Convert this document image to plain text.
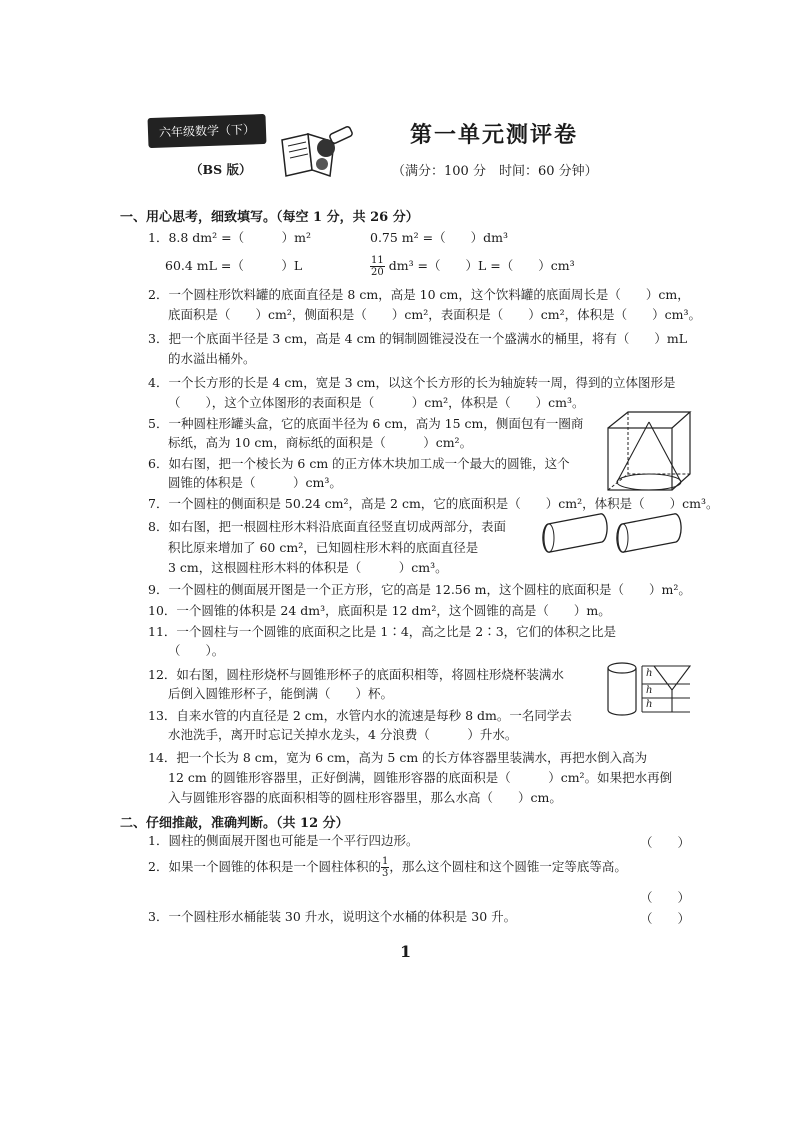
六年级数学（下）
（BS 版）
第一单元测评卷
（满分：100 分　时间：60 分钟）
一、用心思考，细致填写。（每空 1 分，共 26 分）
1．8.8 dm² =（　　　）m²	0.75 m² =（　　）dm³
60.4 mL =（　　　）L	$\frac{11}{20} dm^3$ =（　　）L =（　　）cm³
2．一个圆柱形饮料罐的底面直径是 8 cm，高是 10 cm，这个饮料罐的底面周长是（　　）cm，
底面积是（　　）cm²，侧面积是（　　）cm²，表面积是（　　）cm²，体积是（　　）cm³。
3．把一个底面半径是 3 cm，高是 4 cm 的铜制圆锥浸没在一个盛满水的桶里，将有（　　）mL
的水溢出桶外。
4．一个长方形的长是 4 cm，宽是 3 cm，以这个长方形的长为轴旋转一周，得到的立体图形是
（　　），这个立体图形的表面积是（　　　）cm²，体积是（　　）cm³。
5．一种圆柱形罐头盒，它的底面半径为 6 cm，高为 15 cm，侧面包有一圈商
标纸，高为 10 cm，商标纸的面积是（　　　）cm²。
6．如右图，把一个棱长为 6 cm 的正方体木块加工成一个最大的圆锥，这个
圆锥的体积是（　　　）cm³。
7．一个圆柱的侧面积是 50.24 cm²，高是 2 cm，它的底面积是（　　）cm²，体积是（　　）cm³。
8．如右图，把一根圆柱形木料沿底面直径竖直切成两部分，表面
积比原来增加了 60 cm²，已知圆柱形木料的底面直径是
3 cm，这根圆柱形木料的体积是（　　　）cm³。
9．一个圆柱的侧面展开图是一个正方形，它的高是 12.56 m，这个圆柱的底面积是（　　）m²。
10．一个圆锥的体积是 24 dm³，底面积是 12 dm²，这个圆锥的高是（　　）m。
11．一个圆柱与一个圆锥的底面积之比是 1∶4，高之比是 2∶3，它们的体积之比是
（　　）。
12．如右图，圆柱形烧杯与圆锥形杯子的底面积相等，将圆柱形烧杯装满水
后倒入圆锥形杯子，能倒满（　　）杯。
h
h
h
13．自来水管的内直径是 2 cm，水管内水的流速是每秒 8 dm。一名同学去
水池洗手，离开时忘记关掉水龙头，4 分浪费（　　　）升水。
14．把一个长为 8 cm，宽为 6 cm，高为 5 cm 的长方体容器里装满水，再把水倒入高为
12 cm 的圆锥形容器里，正好倒满，圆锥形容器的底面积是（　　　）cm²。如果把水再倒
入与圆锥形容器的底面积相等的圆柱形容器里，那么水高（　　）cm。
二、仔细推敲，准确判断。（共 12 分）
1．圆柱的侧面展开图也可能是一个平行四边形。	（　　）
2．如果一个圆锥的体积是一个圆柱体积的 $\frac{1}{3}$ ，那么这个圆柱和这个圆锥一定等底等高。
（　　）
3．一个圆柱形水桶能装 30 升水，说明这个水桶的体积是 30 升。	（　　）
1
